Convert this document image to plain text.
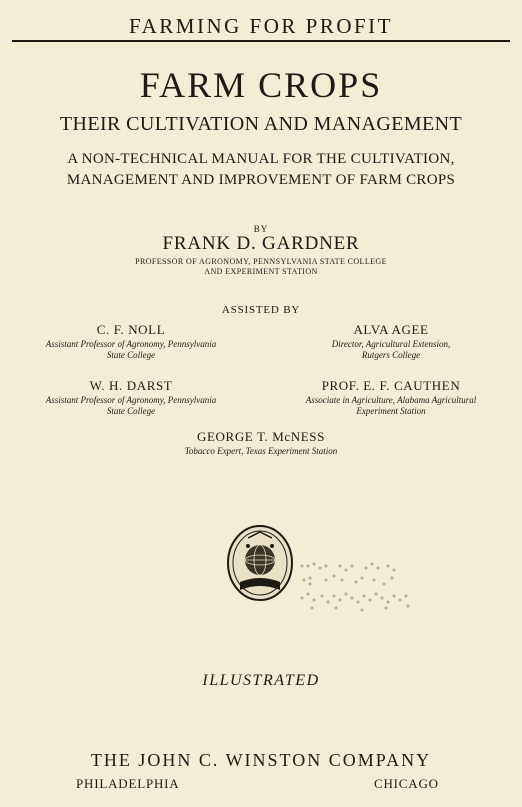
FARMING FOR PROFIT
FARM CROPS
THEIR CULTIVATION AND MANAGEMENT
A NON-TECHNICAL MANUAL FOR THE CULTIVATION,
MANAGEMENT AND IMPROVEMENT OF FARM CROPS
BY
FRANK D. GARDNER
PROFESSOR OF AGRONOMY, PENNSYLVANIA STATE COLLEGE
AND EXPERIMENT STATION
ASSISTED BY
C. F. NOLL
Assistant Professor of Agronomy, Pennsylvania
State College
ALVA AGEE
Director, Agricultural Extension,
Rutgers College
W. H. DARST
Assistant Professor of Agronomy, Pennsylvania
State College
PROF. E. F. CAUTHEN
Associate in Agriculture, Alabama Agricultural
Experiment Station
GEORGE T. McNESS
Tobacco Expert, Texas Experiment Station
ILLUSTRATED
THE JOHN C. WINSTON COMPANY
PHILADELPHIA	CHICAGO
